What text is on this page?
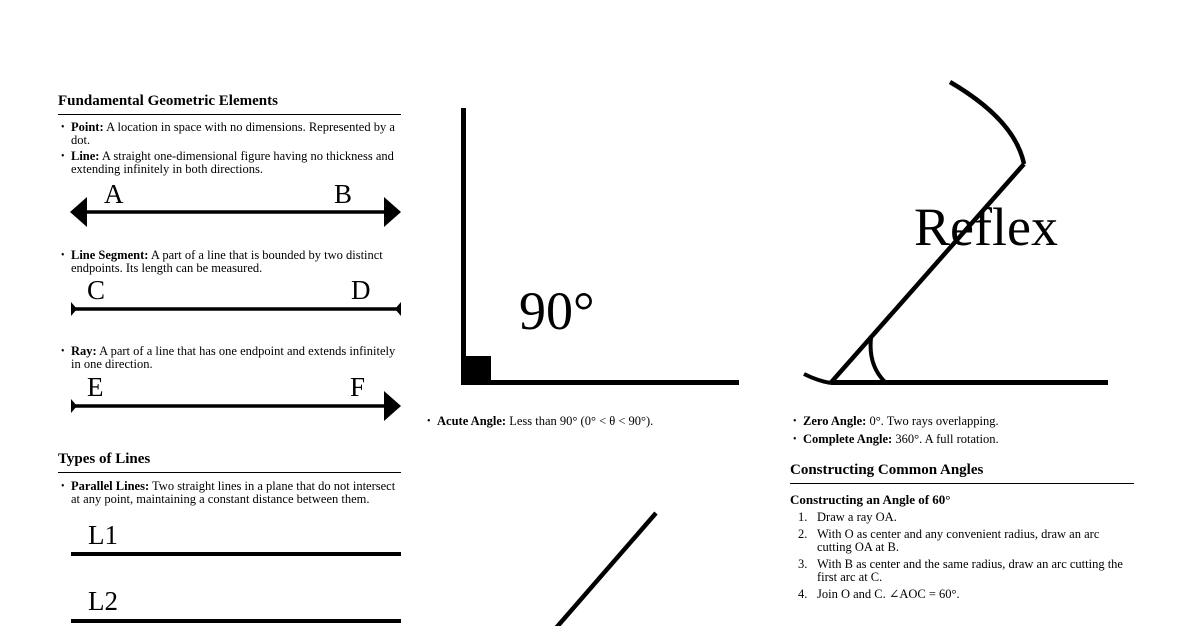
Fundamental Geometric Elements
• Point: A location in space with no dimensions. Represented by a dot.
• Line: A straight one-dimensional figure having no thickness and extending infinitely in both directions.
A	B
• Line Segment: A part of a line that is bounded by two distinct endpoints. Its length can be measured.
C	D
• Ray: A part of a line that has one endpoint and extends infinitely in one direction.
E	F
Types of Lines
• Parallel Lines: Two straight lines in a plane that do not intersect at any point, maintaining a constant distance between them.
L1
L2
90°
• Acute Angle: Less than 90° (0° < θ < 90°).
Reflex
• Zero Angle: 0°. Two rays overlapping.
• Complete Angle: 360°. A full rotation.
Constructing Common Angles
Constructing an Angle of 60°
1. Draw a ray OA.
2. With O as center and any convenient radius, draw an arc cutting OA at B.
3. With B as center and the same radius, draw an arc cutting the first arc at C.
4. Join O and C. ∠AOC = 60°.
